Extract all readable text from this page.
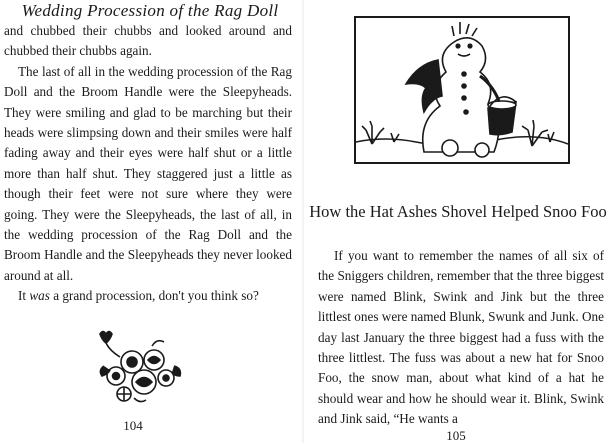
Wedding Procession of the Rag Doll

and chubbed their chubbs and looked around and chubbed their chubbs again.

The last of all in the wedding procession of the Rag Doll and the Broom Handle were the Sleepyheads. They were smiling and glad to be marching but their heads were slimpsing down and their smiles were half fading away and their eyes were half shut or a little more than half shut. They staggered just a little as though their feet were not sure where they were going. They were the Sleepyheads, the last of all, in the wedding procession of the Rag Doll and the Broom Handle and the Sleepyheads they never looked around at all.

It was a grand procession, don't you think so?

104
How the Hat Ashes Shovel Helped Snoo Foo

If you want to remember the names of all six of the Sniggers children, remember that the three biggest were named Blink, Swink and Jink but the three littlest ones were named Blunk, Swunk and Junk. One day last January the three biggest had a fuss with the three littlest. The fuss was about a new hat for Snoo Foo, the snow man, about what kind of a hat he should wear and how he should wear it. Blink, Swink and Jink said, “He wants a

105
